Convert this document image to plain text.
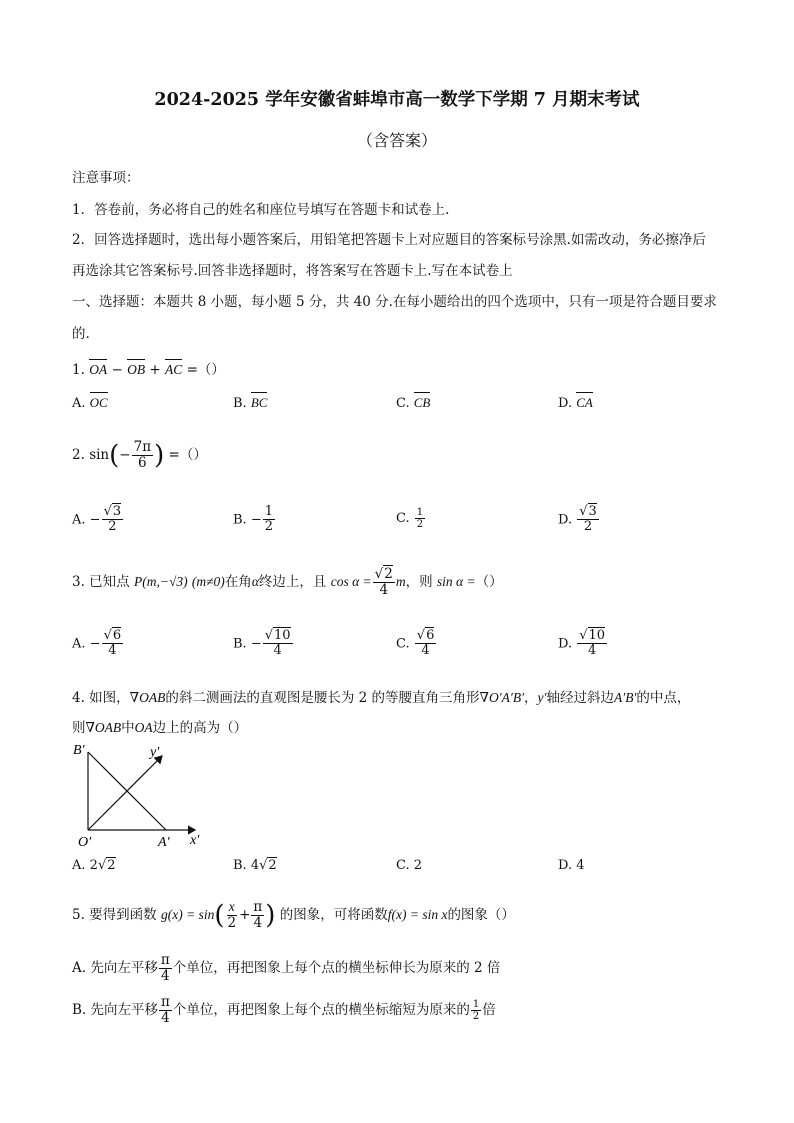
2024-2025 学年安徽省蚌埠市高一数学下学期 7 月期末考试
（含答案）
注意事项：
1．答卷前，务必将自己的姓名和座位号填写在答题卡和试卷上.
2．回答选择题时，选出每小题答案后，用铅笔把答题卡上对应题目的答案标号涂黑.如需改动，务必擦净后
再选涂其它答案标号.回答非选择题时，将答案写在答题卡上.写在本试卷上
一、选择题：本题共 8 小题，每小题 5 分，共 40 分.在每小题给出的四个选项中，只有一项是符合题目要求
的.
1. OA − OB + AC =（）
A. OC	B. BC	C. CB	D. CA
2. $\sin(- \frac{7\pi}{6}$ ) =（）
A. − $\frac{√3}{2}$	B. − $\frac{1}{2}$	C. $\frac{1}{2}$	D. $\frac{√3}{2}$
3. 已知点 P(m,−√3) (m≠0)在角α终边上，且 $\cos \alpha = \frac{√2}{4}$ m，则 sin α =（）
A. − $\frac{√6}{4}$	B. − $\frac{√10}{4}$	C. $\frac{√6}{4}$	D. $\frac{√10}{4}$
4. 如图，∇OAB的斜二测画法的直观图是腰长为 2 的等腰直角三角形∇O′A′B′，y′轴经过斜边A′B′的中点，
则∇OAB中OA边上的高为（）
B′	y′
O′	A′ x′
A. 2√2	B. 4√2	C. 2	D. 4
5. 要得到函数 $g(x) = \sin( \frac{x}{2} + \frac{\pi}{4}$ ) 的图象，可将函数f(x) = sin x的图象（）
A. 先向左平移 $\frac{\pi}{4}$ 个单位，再把图象上每个点的横坐标伸长为原来的 2 倍
B. 先向左平移 $\frac{\pi}{4}$ 个单位，再把图象上每个点的横坐标缩短为原来的 $\frac{1}{2}$ 倍
